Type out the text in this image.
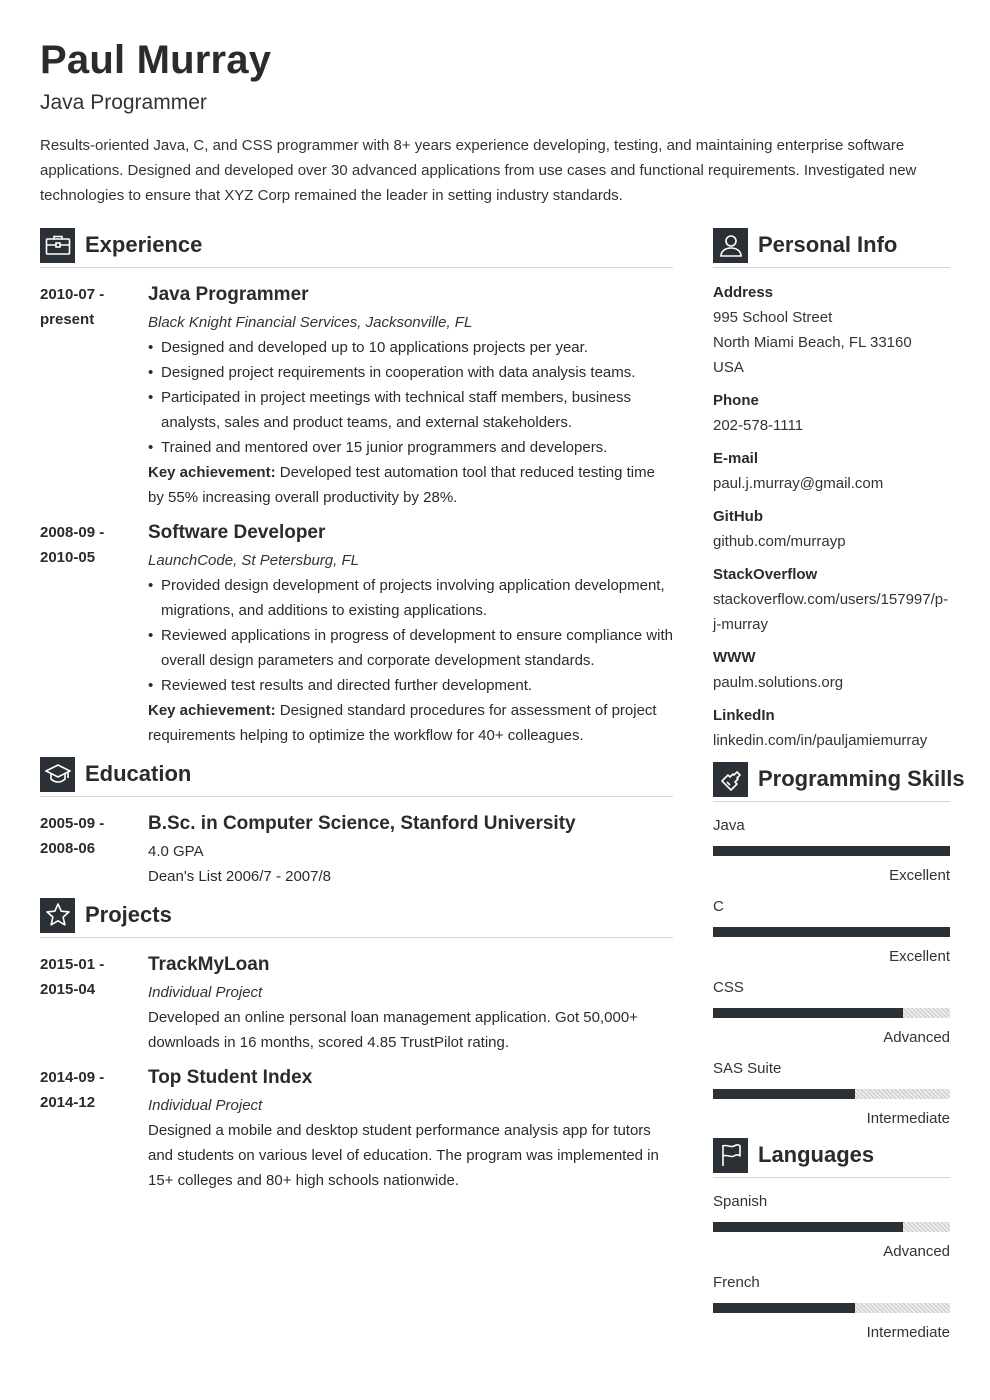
Paul Murray
Java Programmer
Results-oriented Java, C, and CSS programmer with 8+ years experience developing, testing, and maintaining enterprise software applications. Designed and developed over 30 advanced applications from use cases and functional requirements. Investigated new technologies to ensure that XYZ Corp remained the leader in setting industry standards.
Experience
2010-07 -
present
Java Programmer
Black Knight Financial Services, Jacksonville, FL
• Designed and developed up to 10 applications projects per year.
• Designed project requirements in cooperation with data analysis teams.
• Participated in project meetings with technical staff members, business analysts, sales and product teams, and external stakeholders.
• Trained and mentored over 15 junior programmers and developers.
Key achievement: Developed test automation tool that reduced testing time by 55% increasing overall productivity by 28%.
2008-09 -
2010-05
Software Developer
LaunchCode, St Petersburg, FL
• Provided design development of projects involving application development, migrations, and additions to existing applications.
• Reviewed applications in progress of development to ensure compliance with overall design parameters and corporate development standards.
• Reviewed test results and directed further development.
Key achievement: Designed standard procedures for assessment of project requirements helping to optimize the workflow for 40+ colleagues.
Education
2005-09 -
2008-06
B.Sc. in Computer Science, Stanford University
4.0 GPA
Dean's List 2006/7 - 2007/8
Projects
2015-01 -
2015-04
TrackMyLoan
Individual Project
Developed an online personal loan management application. Got 50,000+ downloads in 16 months, scored 4.85 TrustPilot rating.
2014-09 -
2014-12
Top Student Index
Individual Project
Designed a mobile and desktop student performance analysis app for tutors and students on various level of education. The program was implemented in 15+ colleges and 80+ high schools nationwide.
Personal Info
Address
995 School Street
North Miami Beach, FL 33160
USA
Phone
202-578-1111
E-mail
paul.j.murray@gmail.com
GitHub
github.com/murrayp
StackOverflow
stackoverflow.com/users/157997/p-j-murray
WWW
paulm.solutions.org
LinkedIn
linkedin.com/in/pauljamiemurray
Programming Skills
Java
Excellent
C
Excellent
CSS
Advanced
SAS Suite
Intermediate
Languages
Spanish
Advanced
French
Intermediate
